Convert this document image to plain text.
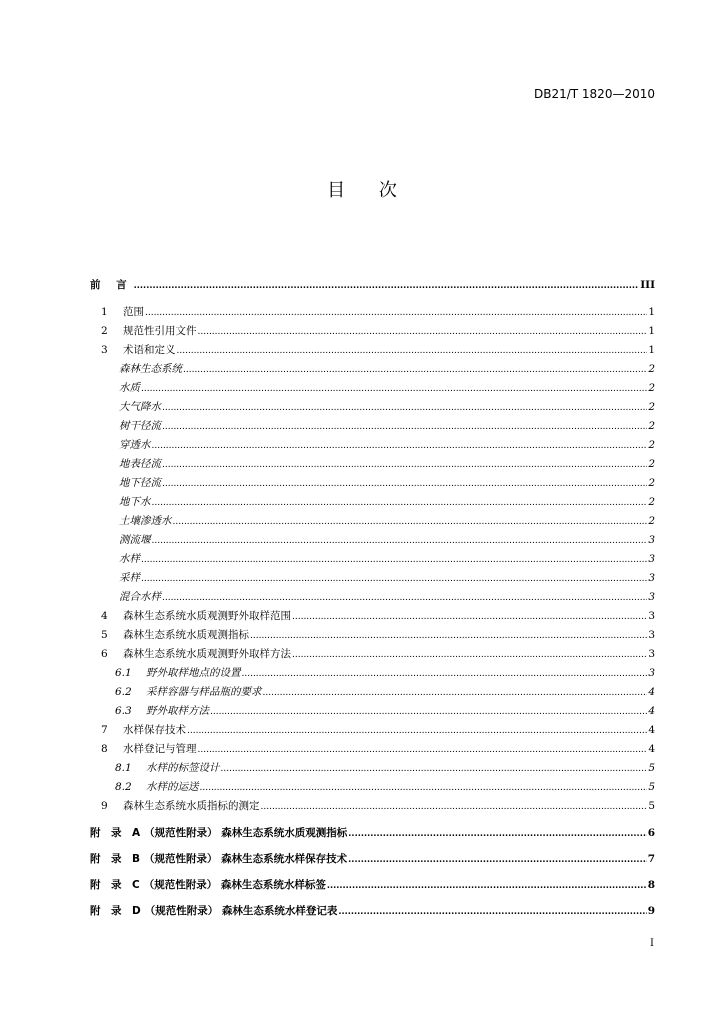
DB21/T 1820—2010
目 次
前 言 .....	III
1	范围 .....	1
2	规范性引用文件 .....	1
3	术语和定义 .....	1
森林生态系统 .....	2
水质 .....	2
大气降水 .....	2
树干径流 .....	2
穿透水 .....	2
地表径流 .....	2
地下径流 .....	2
地下水 .....	2
土壤渗透水 .....	2
测流堰 .....	3
水样 .....	3
采样 .....	3
混合水样 .....	3
4	森林生态系统水质观测野外取样范围 .....	3
5	森林生态系统水质观测指标 .....	3
6	森林生态系统水质观测野外取样方法 .....	3
6.1	野外取样地点的设置 .....	3
6.2	采样容器与样品瓶的要求 .....	4
6.3	野外取样方法 .....	4
7	水样保存技术 .....	4
8	水样登记与管理 .....	4
8.1	水样的标签设计 .....	5
8.2	水样的运送 .....	5
9	森林生态系统水质指标的测定 .....	5
附　录　A （规范性附录） 森林生态系统水质观测指标 .....	6
附　录　B （规范性附录） 森林生态系统水样保存技术 .....	7
附　录　C （规范性附录） 森林生态系统水样标签 .....	8
附　录　D （规范性附录） 森林生态系统水样登记表 .....	9
I
